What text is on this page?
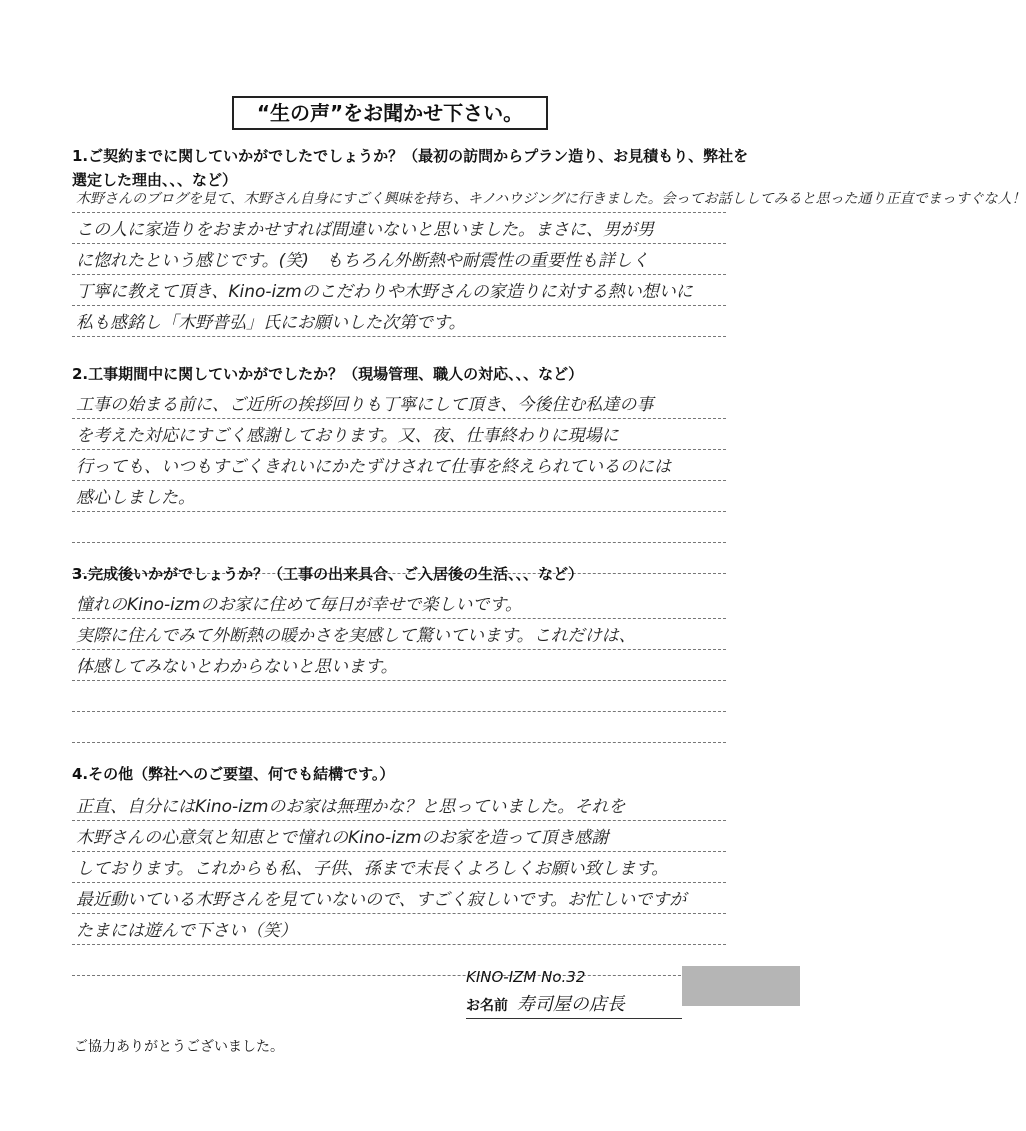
“生の声”をお聞かせ下さい。
1.ご契約までに関していかがでしたでしょうか？（最初の訪問からプラン造り、お見積もり、弊社を選定した理由、、、など）
木野さんのブログを見て、木野さん自身にすごく興味を持ち、キノハウジングに行きました。会ってお話ししてみると思った通り正直でまっすぐな人！
この人に家造りをおまかせすれば間違いないと思いました。まさに、男が男
に惚れたという感じです。(笑)　もちろん外断熱や耐震性の重要性も詳しく
丁寧に教えて頂き、Kino-izmのこだわりや木野さんの家造りに対する熱い想いに
私も感銘し「木野普弘」氏にお願いした次第です。
2.工事期間中に関していかがでしたか？（現場管理、職人の対応、、、など）
工事の始まる前に、ご近所の挨拶回りも丁寧にして頂き、今後住む私達の事
を考えた対応にすごく感謝しております。又、夜、仕事終わりに現場に
行っても、いつもすごくきれいにかたずけされて仕事を終えられているのには
感心しました。
3.完成後いかがでしょうか？（工事の出来具合、ご入居後の生活、、、など）
憧れのKino-izmのお家に住めて毎日が幸せで楽しいです。
実際に住んでみて外断熱の暖かさを実感して驚いています。これだけは、
体感してみないとわからないと思います。
4.その他（弊社へのご要望、何でも結構です。）
正直、自分にはKino-izmのお家は無理かな？と思っていました。それを
木野さんの心意気と知恵とで憧れのKino-izmのお家を造って頂き感謝
しております。これからも私、子供、孫まで末長くよろしくお願い致します。
最近動いている木野さんを見ていないので、すごく寂しいです。お忙しいですが
たまには遊んで下さい（笑）
KINO-IZM No.32
お名前 寿司屋の店長
ご協力ありがとうございました。
